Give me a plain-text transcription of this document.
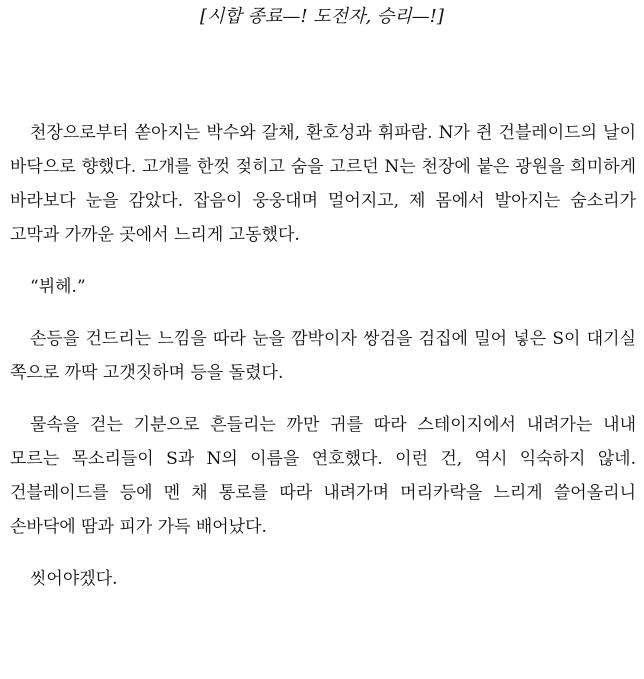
[시합 종료—! 도전자, 승리—!]

천장으로부터 쏟아지는 박수와 갈채, 환호성과 휘파람. N가 쥔 건블레이드의 날이 바닥으로 향했다. 고개를 한껏 젖히고 숨을 고르던 N는 천장에 붙은 광원을 희미하게 바라보다 눈을 감았다. 잡음이 웅웅대며 멀어지고, 제 몸에서 발아지는 숨소리가 고막과 가까운 곳에서 느리게 고동했다.

“뷔헤.”

손등을 건드리는 느낌을 따라 눈을 깜박이자 쌍검을 검집에 밀어 넣은 S이 대기실 쪽으로 까딱 고갯짓하며 등을 돌렸다.

물속을 걷는 기분으로 흔들리는 까만 귀를 따라 스테이지에서 내려가는 내내 모르는 목소리들이 S과 N의 이름을 연호했다. 이런 건, 역시 익숙하지 않네. 건블레이드를 등에 멘 채 통로를 따라 내려가며 머리카락을 느리게 쓸어올리니 손바닥에 땀과 피가 가득 배어났다.

씻어야겠다.
